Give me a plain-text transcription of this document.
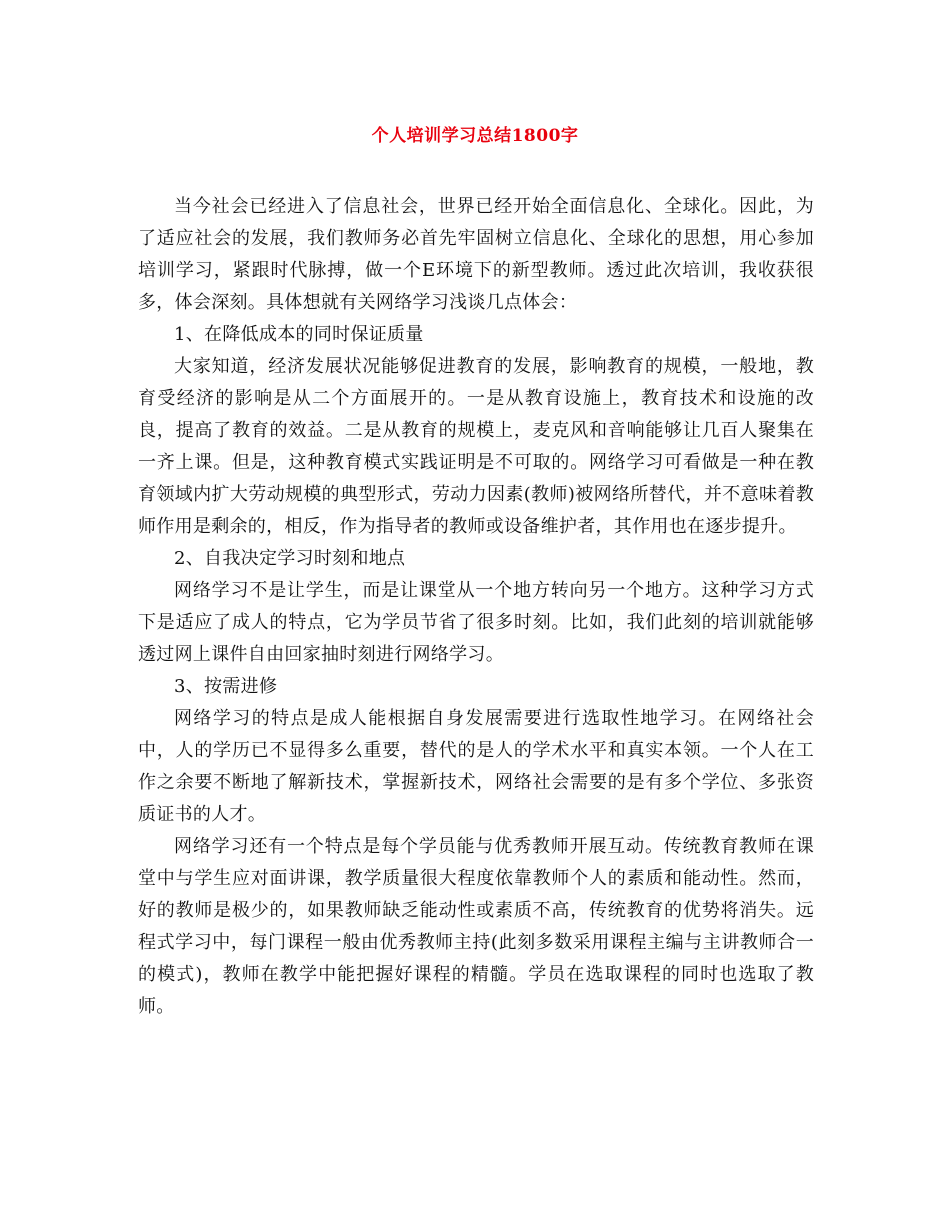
个人培训学习总结1800字

当今社会已经进入了信息社会，世界已经开始全面信息化、全球化。因此，为了适应社会的发展，我们教师务必首先牢固树立信息化、全球化的思想，用心参加培训学习，紧跟时代脉搏，做一个E环境下的新型教师。透过此次培训，我收获很多，体会深刻。具体想就有关网络学习浅谈几点体会：

1、在降低成本的同时保证质量

大家知道，经济发展状况能够促进教育的发展，影响教育的规模，一般地，教育受经济的影响是从二个方面展开的。一是从教育设施上，教育技术和设施的改良，提高了教育的效益。二是从教育的规模上，麦克风和音响能够让几百人聚集在一齐上课。但是，这种教育模式实践证明是不可取的。网络学习可看做是一种在教育领域内扩大劳动规模的典型形式，劳动力因素(教师)被网络所替代，并不意味着教师作用是剩余的，相反，作为指导者的教师或设备维护者，其作用也在逐步提升。

2、自我决定学习时刻和地点

网络学习不是让学生，而是让课堂从一个地方转向另一个地方。这种学习方式下是适应了成人的特点，它为学员节省了很多时刻。比如，我们此刻的培训就能够透过网上课件自由回家抽时刻进行网络学习。

3、按需进修

网络学习的特点是成人能根据自身发展需要进行选取性地学习。在网络社会中，人的学历已不显得多么重要，替代的是人的学术水平和真实本领。一个人在工作之余要不断地了解新技术，掌握新技术，网络社会需要的是有多个学位、多张资质证书的人才。

网络学习还有一个特点是每个学员能与优秀教师开展互动。传统教育教师在课堂中与学生应对面讲课，教学质量很大程度依靠教师个人的素质和能动性。然而，好的教师是极少的，如果教师缺乏能动性或素质不高，传统教育的优势将消失。远程式学习中，每门课程一般由优秀教师主持(此刻多数采用课程主编与主讲教师合一的模式)，教师在教学中能把握好课程的精髓。学员在选取课程的同时也选取了教师。
